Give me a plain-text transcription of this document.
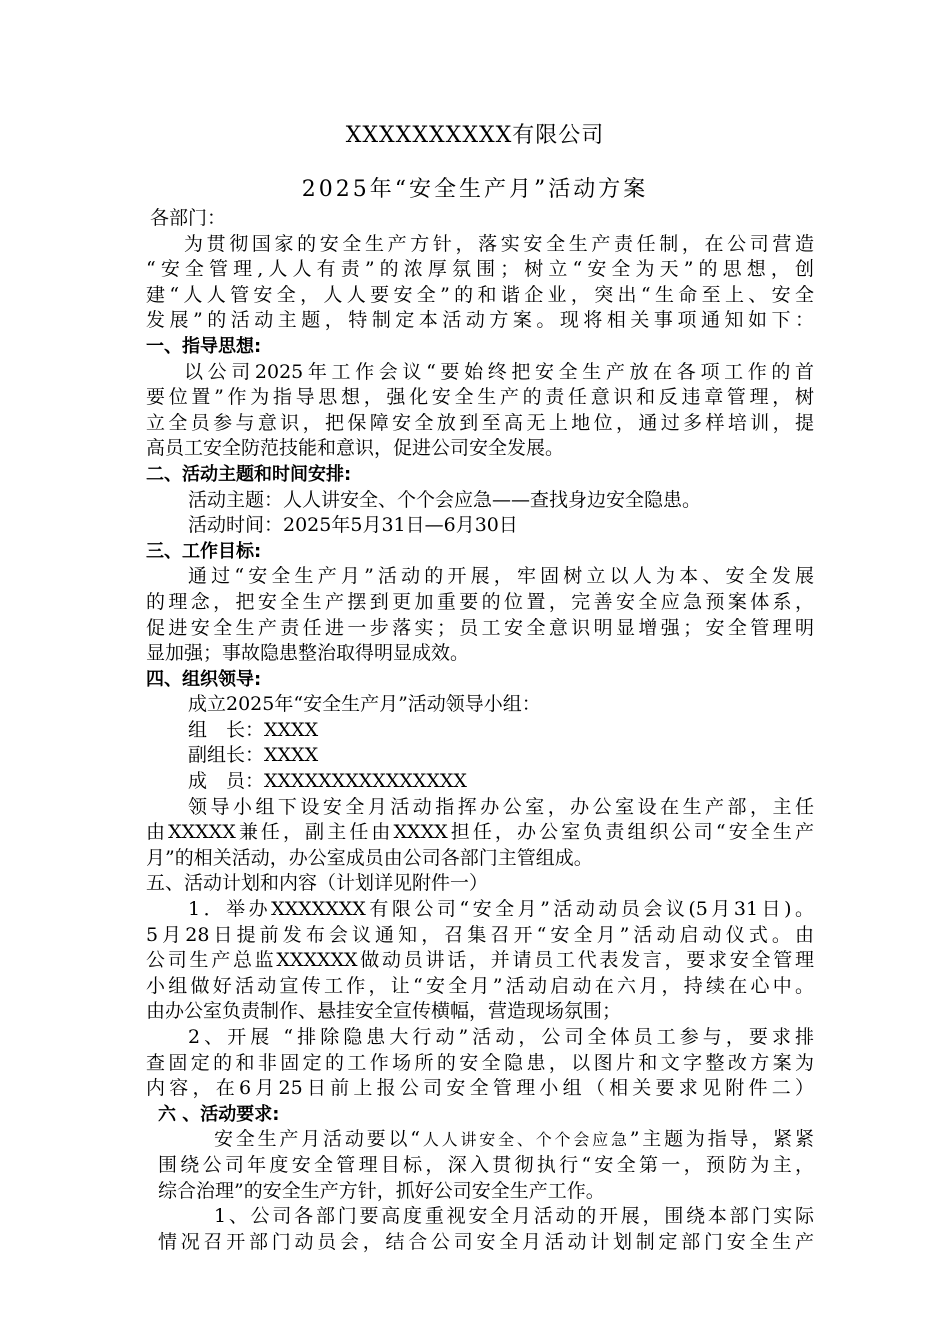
XXXXXXXXXX有限公司
2025年“安全生产月”活动方案
各部门：
为贯彻国家的安全生产方针，落实安全生产责任制，在公司营造
“安全管理,人人有责”的浓厚氛围；树立“安全为天”的思想，创
建“人人管安全，人人要安全”的和谐企业，突出“生命至上、安全
发展”的活动主题，特制定本活动方案。现将相关事项通知如下：
一、指导思想:
以公司2025年工作会议“要始终把安全生产放在各项工作的首
要位置”作为指导思想，强化安全生产的责任意识和反违章管理，树
立全员参与意识，把保障安全放到至高无上地位，通过多样培训，提
高员工安全防范技能和意识，促进公司安全发展。
二、活动主题和时间安排:
活动主题：人人讲安全、个个会应急——查找身边安全隐患。
活动时间：2025年5月31日—6月30日
三、工作目标:
通过“安全生产月”活动的开展，牢固树立以人为本、安全发展
的理念，把安全生产摆到更加重要的位置，完善安全应急预案体系，
促进安全生产责任进一步落实；员工安全意识明显增强；安全管理明
显加强；事故隐患整治取得明显成效。
四、组织领导:
成立2025年“安全生产月”活动领导小组：
组　长：XXXX
副组长：XXXX
成　员：XXXXXXXXXXXXXXX
领导小组下设安全月活动指挥办公室，办公室设在生产部，主任
由XXXXX兼任，副主任由XXXX担任，办公室负责组织公司“安全生产
月”的相关活动，办公室成员由公司各部门主管组成。
五、活动计划和内容（计划详见附件一）
1．举办XXXXXXX有限公司“安全月”活动动员会议(5月31日)。
5月28日提前发布会议通知，召集召开“安全月”活动启动仪式。由
公司生产总监XXXXXX做动员讲话，并请员工代表发言，要求安全管理
小组做好活动宣传工作，让“安全月”活动启动在六月，持续在心中。
由办公室负责制作、悬挂安全宣传横幅，营造现场氛围；
2、开展 “排除隐患大行动”活动，公司全体员工参与，要求排
查固定的和非固定的工作场所的安全隐患，以图片和文字整改方案为
内容，在6月25日前上报公司安全管理小组（相关要求见附件二）
六 、活动要求:
安全生产月活动要以“人人讲安全、个个会应急”主题为指导，紧紧
围绕公司年度安全管理目标，深入贯彻执行“安全第一，预防为主，
综合治理”的安全生产方针，抓好公司安全生产工作。
1、公司各部门要高度重视安全月活动的开展，围绕本部门实际
情况召开部门动员会，结合公司安全月活动计划制定部门安全生产
